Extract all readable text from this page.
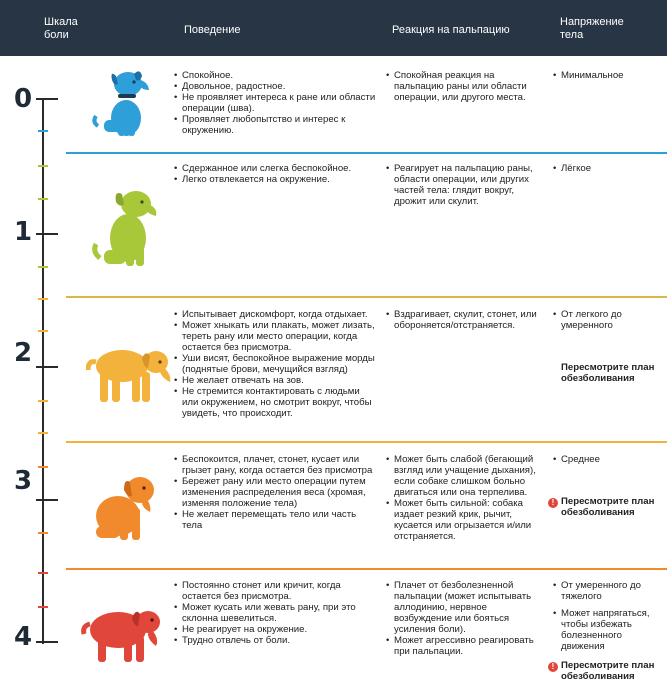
Шкала
боли	Поведение	Реакция на пальпацию
Напряжение
тела
0
1
2
3
4
• Спокойное.
• Довольное, радостное.
• Не проявляет интереса к ране или области операции (шва).
• Проявляет любопытство и интерес к окружению.
• Спокойная реакция на пальпацию раны или области операции, или другого места.
• Минимальное
• Сдержанное или слегка беспокойное.
• Легко отвлекается на окружение.
• Реагирует на пальпацию раны, области операции, или других частей тела: глядит вокруг, дрожит или скулит.
• Лёгкое
• Испытывает дискомфорт, когда отдыхает.
• Может хныкать или плакать, может лизать, тереть рану или место операции, когда остается без присмотра.
• Уши висят, беспокойное выражение морды (поднятые брови, мечущийся взгляд)
• Не желает отвечать на зов.
• Не стремится контактировать с людьми или окружением, но смотрит вокруг, чтобы увидеть, что происходит.
• Вздрагивает, скулит, стонет, или обороняется/отстраняется.
• От легкого до умеренного
Пересмотрите план обезболивания
• Беспокоится, плачет, стонет, кусает или грызет рану, когда остается без присмотра
• Бережет рану или место операции путем изменения распределения веса (хромая, изменяя положение тела)
• Не желает перемещать тело или часть тела
• Может быть слабой (бегающий взгляд или учащение дыхания), если собаке слишком больно двигаться или она терпелива.
• Может быть сильной: собака издает резкий крик, рычит, кусается или огрызается и/или отстраняется.
• Среднее
! Пересмотрите план обезболивания
• Постоянно стонет или кричит, когда остается без присмотра.
• Может кусать или жевать рану, при это склонна шевелиться.
• Не реагирует на окружение.
• Трудно отвлечь от боли.
• Плачет от безболезненной пальпации (может испытывать аллодинию, нервное возбуждение или бояться усиления боли).
• Может агрессивно реагировать при пальпации.
• От умеренного до тяжелого
• Может напрягаться, чтобы избежать болезненного движения
! Пересмотрите план обезболивания
